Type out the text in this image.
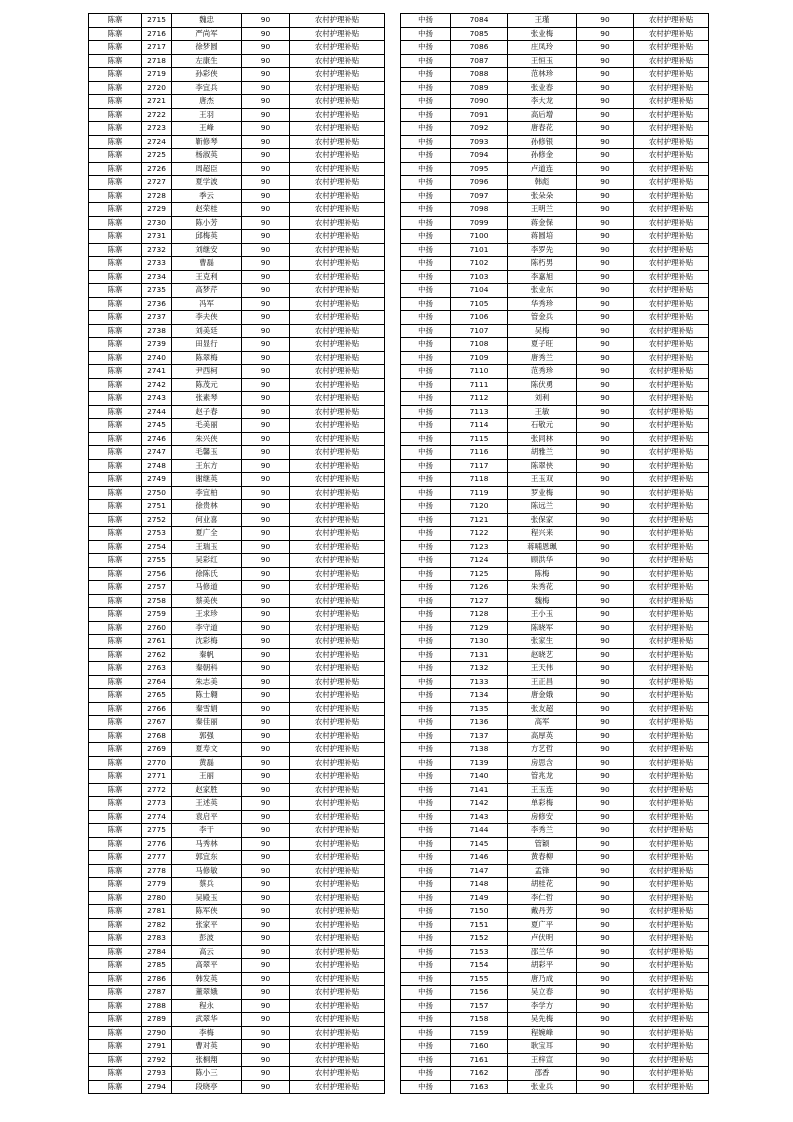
陈寨	2715	魏忠	90	农村护理补贴
陈寨	2716	严尚军	90	农村护理补贴
陈寨	2717	徐梦圆	90	农村护理补贴
陈寨	2718	左康生	90	农村护理补贴
陈寨	2719	孙彩侠	90	农村护理补贴
陈寨	2720	李宜兵	90	农村护理补贴
陈寨	2721	唐杰	90	农村护理补贴
陈寨	2722	王羽	90	农村护理补贴
陈寨	2723	王峰	90	农村护理补贴
陈寨	2724	靳修琴	90	农村护理补贴
陈寨	2725	杨淑英	90	农村护理补贴
陈寨	2726	周超臣	90	农村护理补贴
陈寨	2727	夏学波	90	农村护理补贴
陈寨	2728	季云	90	农村护理补贴
陈寨	2729	赵荣桂	90	农村护理补贴
陈寨	2730	陈小芳	90	农村护理补贴
陈寨	2731	邱梅英	90	农村护理补贴
陈寨	2732	刘继安	90	农村护理补贴
陈寨	2733	曹磊	90	农村护理补贴
陈寨	2734	王克利	90	农村护理补贴
陈寨	2735	高梦芹	90	农村护理补贴
陈寨	2736	冯军	90	农村护理补贴
陈寨	2737	李夫侠	90	农村护理补贴
陈寨	2738	刘美廷	90	农村护理补贴
陈寨	2739	田显行	90	农村护理补贴
陈寨	2740	陈翠梅	90	农村护理补贴
陈寨	2741	尹西柯	90	农村护理补贴
陈寨	2742	陈茂元	90	农村护理补贴
陈寨	2743	张素琴	90	农村护理补贴
陈寨	2744	赵子春	90	农村护理补贴
陈寨	2745	毛美丽	90	农村护理补贴
陈寨	2746	朱兴侠	90	农村护理补贴
陈寨	2747	毛馨玉	90	农村护理补贴
陈寨	2748	王东方	90	农村护理补贴
陈寨	2749	谢继英	90	农村护理补贴
陈寨	2750	李宜柏	90	农村护理补贴
陈寨	2751	徐贵林	90	农村护理补贴
陈寨	2752	何业喜	90	农村护理补贴
陈寨	2753	夏广全	90	农村护理补贴
陈寨	2754	王瑞玉	90	农村护理补贴
陈寨	2755	吴彩红	90	农村护理补贴
陈寨	2756	徐陈氏	90	农村护理补贴
陈寨	2757	马修道	90	农村护理补贴
陈寨	2758	蔡美侠	90	农村护理补贴
陈寨	2759	王求珍	90	农村护理补贴
陈寨	2760	李守道	90	农村护理补贴
陈寨	2761	沈彩梅	90	农村护理补贴
陈寨	2762	秦帆	90	农村护理补贴
陈寨	2763	秦朝科	90	农村护理补贴
陈寨	2764	朱志美	90	农村护理补贴
陈寨	2765	陈士翱	90	农村护理补贴
陈寨	2766	秦雪娟	90	农村护理补贴
陈寨	2767	秦佳丽	90	农村护理补贴
陈寨	2768	郭强	90	农村护理补贴
陈寨	2769	夏寿文	90	农村护理补贴
陈寨	2770	黄磊	90	农村护理补贴
陈寨	2771	王丽	90	农村护理补贴
陈寨	2772	赵家胜	90	农村护理补贴
陈寨	2773	王述英	90	农村护理补贴
陈寨	2774	袁启平	90	农村护理补贴
陈寨	2775	李干	90	农村护理补贴
陈寨	2776	马秀林	90	农村护理补贴
陈寨	2777	郭宜东	90	农村护理补贴
陈寨	2778	马修敏	90	农村护理补贴
陈寨	2779	蔡兵	90	农村护理补贴
陈寨	2780	吴殿玉	90	农村护理补贴
陈寨	2781	陈军侠	90	农村护理补贴
陈寨	2782	张家平	90	农村护理补贴
陈寨	2783	彭波	90	农村护理补贴
陈寨	2784	高云	90	农村护理补贴
陈寨	2785	高翠平	90	农村护理补贴
陈寨	2786	韩发英	90	农村护理补贴
陈寨	2787	董翠娥	90	农村护理补贴
陈寨	2788	程永	90	农村护理补贴
陈寨	2789	武翠华	90	农村护理补贴
陈寨	2790	李梅	90	农村护理补贴
陈寨	2791	曹对英	90	农村护理补贴
陈寨	2792	张桐翔	90	农村护理补贴
陈寨	2793	陈小三	90	农村护理补贴
陈寨	2794	段晓亭	90	农村护理补贴
中扬	7084	王瑾	90	农村护理补贴
中扬	7085	张业梅	90	农村护理补贴
中扬	7086	庄凤玲	90	农村护理补贴
中扬	7087	王恒玉	90	农村护理补贴
中扬	7088	范林珍	90	农村护理补贴
中扬	7089	张业春	90	农村护理补贴
中扬	7090	李大龙	90	农村护理补贴
中扬	7091	高后增	90	农村护理补贴
中扬	7092	唐春花	90	农村护理补贴
中扬	7093	孙修银	90	农村护理补贴
中扬	7094	孙修金	90	农村护理补贴
中扬	7095	卢道连	90	农村护理补贴
中扬	7096	韩彪	90	农村护理补贴
中扬	7097	张朵朵	90	农村护理补贴
中扬	7098	王明兰	90	农村护理补贴
中扬	7099	蒋金保	90	农村护理补贴
中扬	7100	蒋圆培	90	农村护理补贴
中扬	7101	李罗先	90	农村护理补贴
中扬	7102	陈朽男	90	农村护理补贴
中扬	7103	李嘉旭	90	农村护理补贴
中扬	7104	张业东	90	农村护理补贴
中扬	7105	华秀珍	90	农村护理补贴
中扬	7106	管金兵	90	农村护理补贴
中扬	7107	吴梅	90	农村护理补贴
中扬	7108	夏子旺	90	农村护理补贴
中扬	7109	唐秀兰	90	农村护理补贴
中扬	7110	范秀珍	90	农村护理补贴
中扬	7111	陈伏勇	90	农村护理补贴
中扬	7112	刘利	90	农村护理补贴
中扬	7113	王敏	90	农村护理补贴
中扬	7114	石敬元	90	农村护理补贴
中扬	7115	张同林	90	农村护理补贴
中扬	7116	胡雅兰	90	农村护理补贴
中扬	7117	陈翠侠	90	农村护理补贴
中扬	7118	王玉双	90	农村护理补贴
中扬	7119	罗业梅	90	农村护理补贴
中扬	7120	陈远兰	90	农村护理补贴
中扬	7121	张保家	90	农村护理补贴
中扬	7122	程兴来	90	农村护理补贴
中扬	7123	蒋哺恩珮	90	农村护理补贴
中扬	7124	顾洪华	90	农村护理补贴
中扬	7125	陈梅	90	农村护理补贴
中扬	7126	朱秀花	90	农村护理补贴
中扬	7127	魏梅	90	农村护理补贴
中扬	7128	王小玉	90	农村护理补贴
中扬	7129	陈晓军	90	农村护理补贴
中扬	7130	张家生	90	农村护理补贴
中扬	7131	赵晓艺	90	农村护理补贴
中扬	7132	王天伟	90	农村护理补贴
中扬	7133	王正昌	90	农村护理补贴
中扬	7134	唐金娥	90	农村护理补贴
中扬	7135	张友超	90	农村护理补贴
中扬	7136	高军	90	农村护理补贴
中扬	7137	高厚英	90	农村护理补贴
中扬	7138	方艺哲	90	农村护理补贴
中扬	7139	房思含	90	农村护理补贴
中扬	7140	管兆龙	90	农村护理补贴
中扬	7141	王玉连	90	农村护理补贴
中扬	7142	单彩梅	90	农村护理补贴
中扬	7143	房修安	90	农村护理补贴
中扬	7144	李秀兰	90	农村护理补贴
中扬	7145	管颖	90	农村护理补贴
中扬	7146	黄春柳	90	农村护理补贴
中扬	7147	孟锋	90	农村护理补贴
中扬	7148	胡桂花	90	农村护理补贴
中扬	7149	李仁哲	90	农村护理补贴
中扬	7150	戴丹芳	90	农村护理补贴
中扬	7151	夏广平	90	农村护理补贴
中扬	7152	卢伏明	90	农村护理补贴
中扬	7153	邵兰华	90	农村护理补贴
中扬	7154	胡彩平	90	农村护理补贴
中扬	7155	唐乃成	90	农村护理补贴
中扬	7156	吴立春	90	农村护理补贴
中扬	7157	李学方	90	农村护理补贴
中扬	7158	吴先梅	90	农村护理补贴
中扬	7159	程婉峰	90	农村护理补贴
中扬	7160	耿宝耳	90	农村护理补贴
中扬	7161	王梓宣	90	农村护理补贴
中扬	7162	邵香	90	农村护理补贴
中扬	7163	张业兵	90	农村护理补贴
